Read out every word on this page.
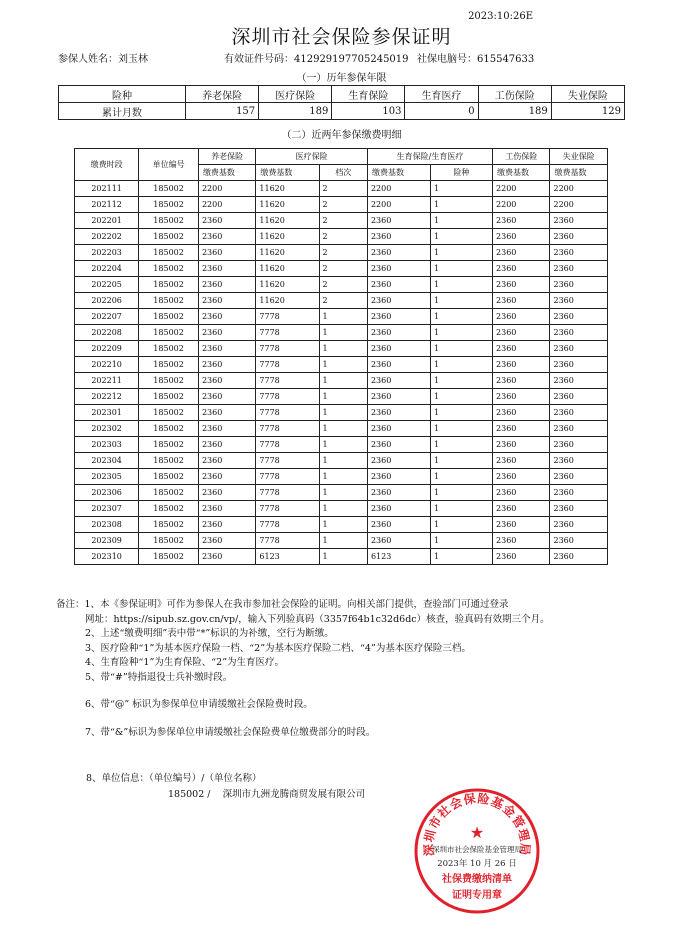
2023:10:26E
深圳市社会保险参保证明
参保人姓名：刘玉林	有效证件号码：412929197705245019 社保电脑号：615547633
（一）历年参保年限
险种	养老保险	医疗保险	生育保险	生育医疗	工伤保险	失业保险
累计月数	157	189	103	0	189	129
（二）近两年参保缴费明细
缴费时段	单位编号	养老保险	医疗保险		生育保险/生育医疗		工伤保险	失业保险
		缴费基数	缴费基数	档次	缴费基数	险种	缴费基数	缴费基数
202111	185002	2200	11620	2	2200	1	2200	2200
202112	185002	2200	11620	2	2200	1	2200	2200
202201	185002	2360	11620	2	2360	1	2360	2360
202202	185002	2360	11620	2	2360	1	2360	2360
202203	185002	2360	11620	2	2360	1	2360	2360
202204	185002	2360	11620	2	2360	1	2360	2360
202205	185002	2360	11620	2	2360	1	2360	2360
202206	185002	2360	11620	2	2360	1	2360	2360
202207	185002	2360	7778	1	2360	1	2360	2360
202208	185002	2360	7778	1	2360	1	2360	2360
202209	185002	2360	7778	1	2360	1	2360	2360
202210	185002	2360	7778	1	2360	1	2360	2360
202211	185002	2360	7778	1	2360	1	2360	2360
202212	185002	2360	7778	1	2360	1	2360	2360
202301	185002	2360	7778	1	2360	1	2360	2360
202302	185002	2360	7778	1	2360	1	2360	2360
202303	185002	2360	7778	1	2360	1	2360	2360
202304	185002	2360	7778	1	2360	1	2360	2360
202305	185002	2360	7778	1	2360	1	2360	2360
202306	185002	2360	7778	1	2360	1	2360	2360
202307	185002	2360	7778	1	2360	1	2360	2360
202308	185002	2360	7778	1	2360	1	2360	2360
202309	185002	2360	7778	1	2360	1	2360	2360
202310	185002	2360	6123	1	6123	1	2360	2360

备注：1、本《参保证明》可作为参保人在我市参加社会保险的证明。向相关部门提供，查验部门可通过登录

网址：https://sipub.sz.gov.cn/vp/，输入下列验真码（3357f64b1c32d6dc）核查，验真码有效期三个月。

2、上述“缴费明细”表中带“*”标识的为补缴，空行为断缴。

3、医疗险种“1”为基本医疗保险一档、“2”为基本医疗保险二档、“4”为基本医疗保险三档。

4、生育险种“1”为生育保险、“2”为生育医疗。

5、带“#”特指退役士兵补缴时段。

6、带“@” 标识为参保单位申请缓缴社会保险费时段。

7、带“&”标识为参保单位申请缓缴社会保险费单位缴费部分的时段。

8、单位信息：（单位编号）/（单位名称）
185002 /    深圳市九洲龙腾商贸发展有限公司
深圳市社会保险基金管理局
★
深圳市社会保险基金管理局
2023年 10 月 26 日
社保费缴纳清单
证明专用章
